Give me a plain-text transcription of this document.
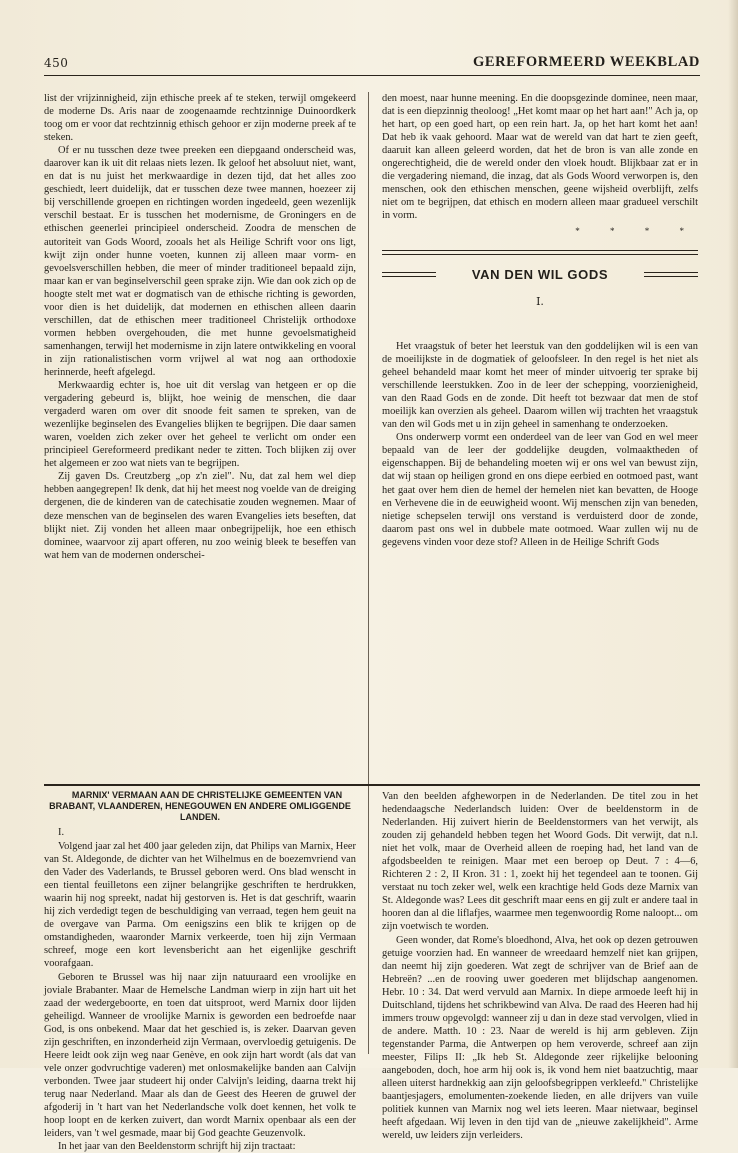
450	GEREFORMEERD WEEKBLAD

list der vrijzinnigheid, zijn ethische preek af te steken, terwijl omgekeerd de moderne Ds. Aris naar de zoogenaamde rechtzinnige Duinoordkerk toog om er voor dat rechtzinnig ethisch gehoor er zijn moderne preek af te steken.

Of er nu tusschen deze twee preeken een diepgaand onderscheid was, daarover kan ik uit dit relaas niets lezen. Ik geloof het absoluut niet, want, en dat is nu juist het merkwaardige in dezen tijd, dat het alles zoo geschiedt, leert duidelijk, dat er tusschen deze twee mannen, hoezeer zij bij verschillende groepen en richtingen worden ingedeeld, geen wezenlijk verschil bestaat. Er is tusschen het modernisme, de Groningers en de ethischen geenerlei principieel onderscheid. Zoodra de menschen de autoriteit van Gods Woord, zooals het als Heilige Schrift voor ons ligt, kwijt zijn onder hunne voeten, kunnen zij alleen maar vorm- en gevoelsverschillen hebben, die meer of minder traditioneel bepaald zijn, maar kan er van beginselverschil geen sprake zijn. Wie dan ook zich op de hoogte stelt met wat er dogmatisch van de ethische richting is geworden, voor dien is het duidelijk, dat modernen en ethischen alleen daarin verschillen, dat de ethischen meer traditioneel Christelijk orthodoxe vormen hebben overgehouden, die met hunne gevoelsmatigheid samenhangen, terwijl het modernisme in zijn latere ontwikkeling en vooral in zijn rationalistischen vorm vrijwel al wat nog aan orthodoxie herinnerde, heeft afgelegd.

Merkwaardig echter is, hoe uit dit verslag van hetgeen er op die vergadering gebeurd is, blijkt, hoe weinig de menschen, die daar vergaderd waren om over dit snoode feit samen te spreken, van de wezenlijke beginselen des Evangelies blijken te begrijpen. Die daar samen waren, voelden zich zeker over het geheel te verlicht om onder een principieel Gereformeerd predikant neder te zitten. Toch blijken zij over het algemeen er zoo wat niets van te begrijpen.

Zij gaven Ds. Creutzberg „op z'n ziel". Nu, dat zal hem wel diep hebben aangegrepen! Ik denk, dat hij het meest nog voelde van de dreiging dergenen, die de kinderen van de catechisatie zouden wegnemen. Maar of deze menschen van de beginselen des waren Evangelies iets beseften, dat blijkt niet. Zij vonden het alleen maar onbegrijpelijk, hoe een ethisch dominee, waarvoor zij apart offeren, nu zoo weinig bleek te beseffen van wat hem van de modernen onderschei-

den moest, naar hunne meening. En die doopsgezinde dominee, neen maar, dat is een diepzinnig theoloog! „Het komt maar op het hart aan!" Ach ja, op het hart, op een goed hart, op een rein hart. Ja, op het hart komt het aan! Dat heb ik vaak gehoord. Maar wat de wereld van dat hart te zien geeft, daaruit kan alleen geleerd worden, dat het de bron is van alle zonde en ongerechtigheid, die de wereld onder den vloek houdt. Blijkbaar zat er in die vergadering niemand, die inzag, dat als Gods Woord verworpen is, den menschen, ook den ethischen menschen, geene wijsheid overblijft, zelfs niet om te begrijpen, dat ethisch en modern alleen maar gradueel verschilt in vorm.

* * * *
VAN DEN WIL GODS
I.

Het vraagstuk of beter het leerstuk van den goddelijken wil is een van de moeilijkste in de dogmatiek of geloofsleer. In den regel is het niet als geheel behandeld maar komt het meer of minder uitvoerig ter sprake bij verschillende leerstukken. Zoo in de leer der schepping, voorzienigheid, van den Raad Gods en de zonde. Dit heeft tot bezwaar dat men de stof moeilijk kan overzien als geheel. Daarom willen wij trachten het vraagstuk van den wil Gods met u in zijn geheel in samenhang te onderzoeken.

Ons onderwerp vormt een onderdeel van de leer van God en wel meer bepaald van de leer der goddelijke deugden, volmaaktheden of eigenschappen. Bij de behandeling moeten wij er ons wel van bewust zijn, dat wij staan op heiligen grond en ons diepe eerbied en ootmoed past, want het gaat over hem dien de hemel der hemelen niet kan bevatten, de Hooge en Verhevene die in de eeuwigheid woont. Wij menschen zijn van beneden, nietige schepselen terwijl ons verstand is verduisterd door de zonde, daarom past ons wel in dubbele mate ootmoed. Waar zullen wij nu de gegevens vinden voor deze stof? Alleen in de Heilige Schrift Gods

MARNIX' VERMAAN AAN DE CHRISTELIJKE GEMEENTEN VAN BRABANT, VLAANDEREN, HENEGOUWEN EN ANDERE OMLIGGENDE LANDEN.

I.

Volgend jaar zal het 400 jaar geleden zijn, dat Philips van Marnix, Heer van St. Aldegonde, de dichter van het Wilhelmus en de boezemvriend van den Vader des Vaderlands, te Brussel geboren werd. Ons blad wenscht in een tiental feuilletons een zijner belangrijke geschriften te herdrukken, waarin hij nog spreekt, nadat hij gestorven is. Het is dat geschrift, waarin hij zich verdedigt tegen de beschuldiging van verraad, tegen hem geuit na de overgave van Parma. Om eenigszins een blik te krijgen op de omstandigheden, waaronder Marnix verkeerde, toen hij zijn Vermaan schreef, moge een kort levensbericht aan het eigenlijke geschrift voorafgaan.

Geboren te Brussel was hij naar zijn natuuraard een vroolijke en joviale Brabanter. Maar de Hemelsche Landman wierp in zijn hart uit het zaad der wedergeboorte, en toen dat uitsproot, werd Marnix door lijden geheiligd. Wanneer de vroolijke Marnix is geworden een bedroefde naar God, is ons onbekend. Maar dat het geschied is, is zeker. Daarvan geven zijn geschriften, en inzonderheid zijn Vermaan, overvloedig getuigenis. De Heere leidt ook zijn weg naar Genève, en ook zijn hart wordt (als dat van vele onzer godvruchtige vaderen) met onlosmakelijke banden aan Calvijn verbonden. Twee jaar studeert hij onder Calvijn's leiding, daarna trekt hij terug naar Nederland. Maar als dan de Geest des Heeren de gruwel der afgoderij in 't hart van het Nederlandsche volk doet kennen, het volk te hoop loopt en de kerken zuivert, dan wordt Marnix openbaar als een der leiders, van 't wel gesmade, maar bij God geachte Geuzenvolk.

In het jaar van den Beeldenstorm schrijft hij zijn tractaat:

Van den beelden afgheworpen in de Nederlanden. De titel zou in het hedendaagsche Nederlandsch luiden: Over de beeldenstorm in de Nederlanden. Hij zuivert hierin de Beeldenstormers van het verwijt, als zouden zij gehandeld hebben tegen het Woord Gods. Dit verwijt, dat n.l. niet het volk, maar de Overheid alleen de roeping had, het land van de afgodsbeelden te reinigen. Maar met een beroep op Deut. 7 : 4—6, Richteren 2 : 2, II Kron. 31 : 1, zoekt hij het tegendeel aan te toonen. Gij verstaat nu toch zeker wel, welk een krachtige held Gods deze Marnix van St. Aldegonde was? Lees dit geschrift maar eens en gij zult er andere taal in hooren dan al die liflafjes, waarmee men tegenwoordig Rome naloopt... om zijn voetwisch te worden.

Geen wonder, dat Rome's bloedhond, Alva, het ook op dezen getrouwen getuige voorzien had. En wanneer de wreedaard hemzelf niet kan grijpen, dan neemt hij zijn goederen. Wat zegt de schrijver van de Brief aan de Hebreën? ...en de rooving uwer goederen met blijdschap aangenomen. Hebr. 10 : 34. Dat werd vervuld aan Marnix. In diepe armoede leeft hij in Duitschland, tijdens het schrikbewind van Alva. De raad des Heeren had hij immers trouw opgevolgd: wanneer zij u dan in deze stad vervolgen, vlied in de andere. Matth. 10 : 23. Naar de wereld is hij arm gebleven. Zijn tegenstander Parma, die Antwerpen op hem veroverde, schreef aan zijn meester, Filips II: „Ik heb St. Aldegonde zeer rijkelijke belooning aangeboden, doch, hoe arm hij ook is, ik vond hem niet baatzuchtig, maar alleen uiterst hardnekkig aan zijn geloofsbegrippen verkleefd." Christelijke baantjesjagers, emolumenten-zoekende lieden, en alle drijvers van vuile politiek kunnen van Marnix nog wel iets leeren. Maar nietwaar, beginsel heeft afgedaan. Wij leven in den tijd van de „nieuwe zakelijkheid". Arme wereld, uw leiders zijn verleiders.
